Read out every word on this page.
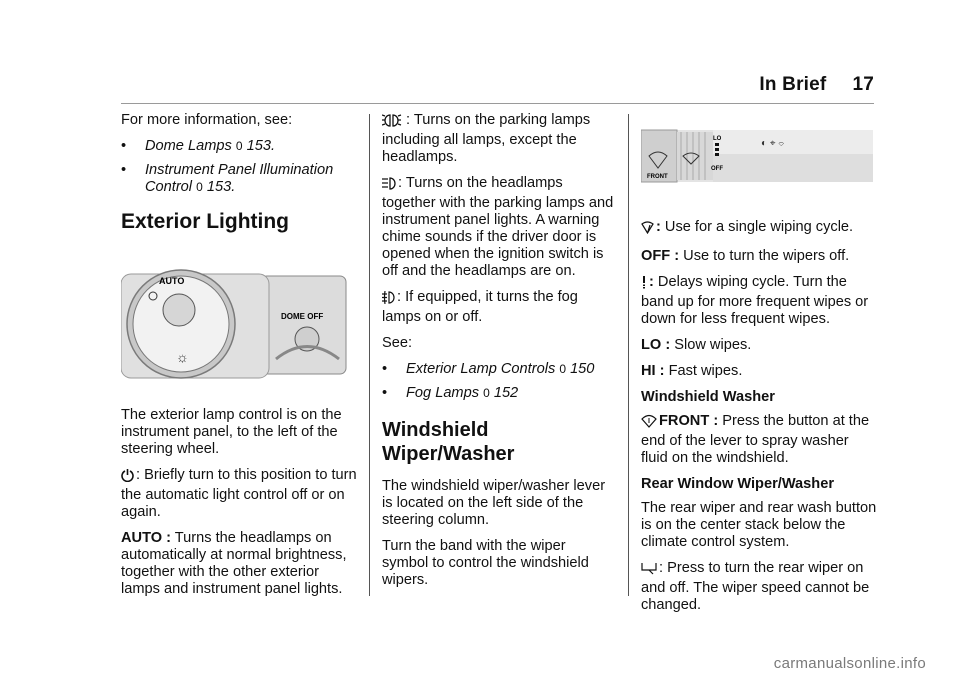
In Brief 17

For more information, see:

•	Dome Lamps 0 153.
•	Instrument Panel Illumination Control 0 153.
Exterior Lighting
AUTO
☼
DOME OFF

The exterior lamp control is on the instrument panel, to the left of the steering wheel.

: Briefly turn to this position to turn the automatic light control off or on again.

AUTO : Turns the headlamps on automatically at normal brightness, together with the other exterior lamps and instrument panel lights.

: Turns on the parking lamps including all lamps, except the headlamps.

: Turns on the headlamps together with the parking lamps and instrument panel lights. A warning chime sounds if the driver door is opened when the ignition switch is off and the headlamps are on.

: If equipped, it turns the fog lamps on or off.

See:

•	Exterior Lamp Controls 0 150
•	Fog Lamps 0 152
Windshield Wiper/Washer

The windshield wiper/washer lever is located on the left side of the steering column.

Turn the band with the wiper symbol to control the windshield wipers.

LO
OFF
FRONT
◐ ⌖ ⌔

: Use for a single wiping cycle.

OFF : Use to turn the wipers off.

: Delays wiping cycle. Turn the band up for more frequent wipes or down for less frequent wipes.

LO : Slow wipes.

HI : Fast wipes.

Windshield Washer

FRONT : Press the button at the end of the lever to spray washer fluid on the windshield.

Rear Window Wiper/Washer

The rear wiper and rear wash button is on the center stack below the climate control system.

: Press to turn the rear wiper on and off. The wiper speed cannot be changed.

carmanualsonline.info
